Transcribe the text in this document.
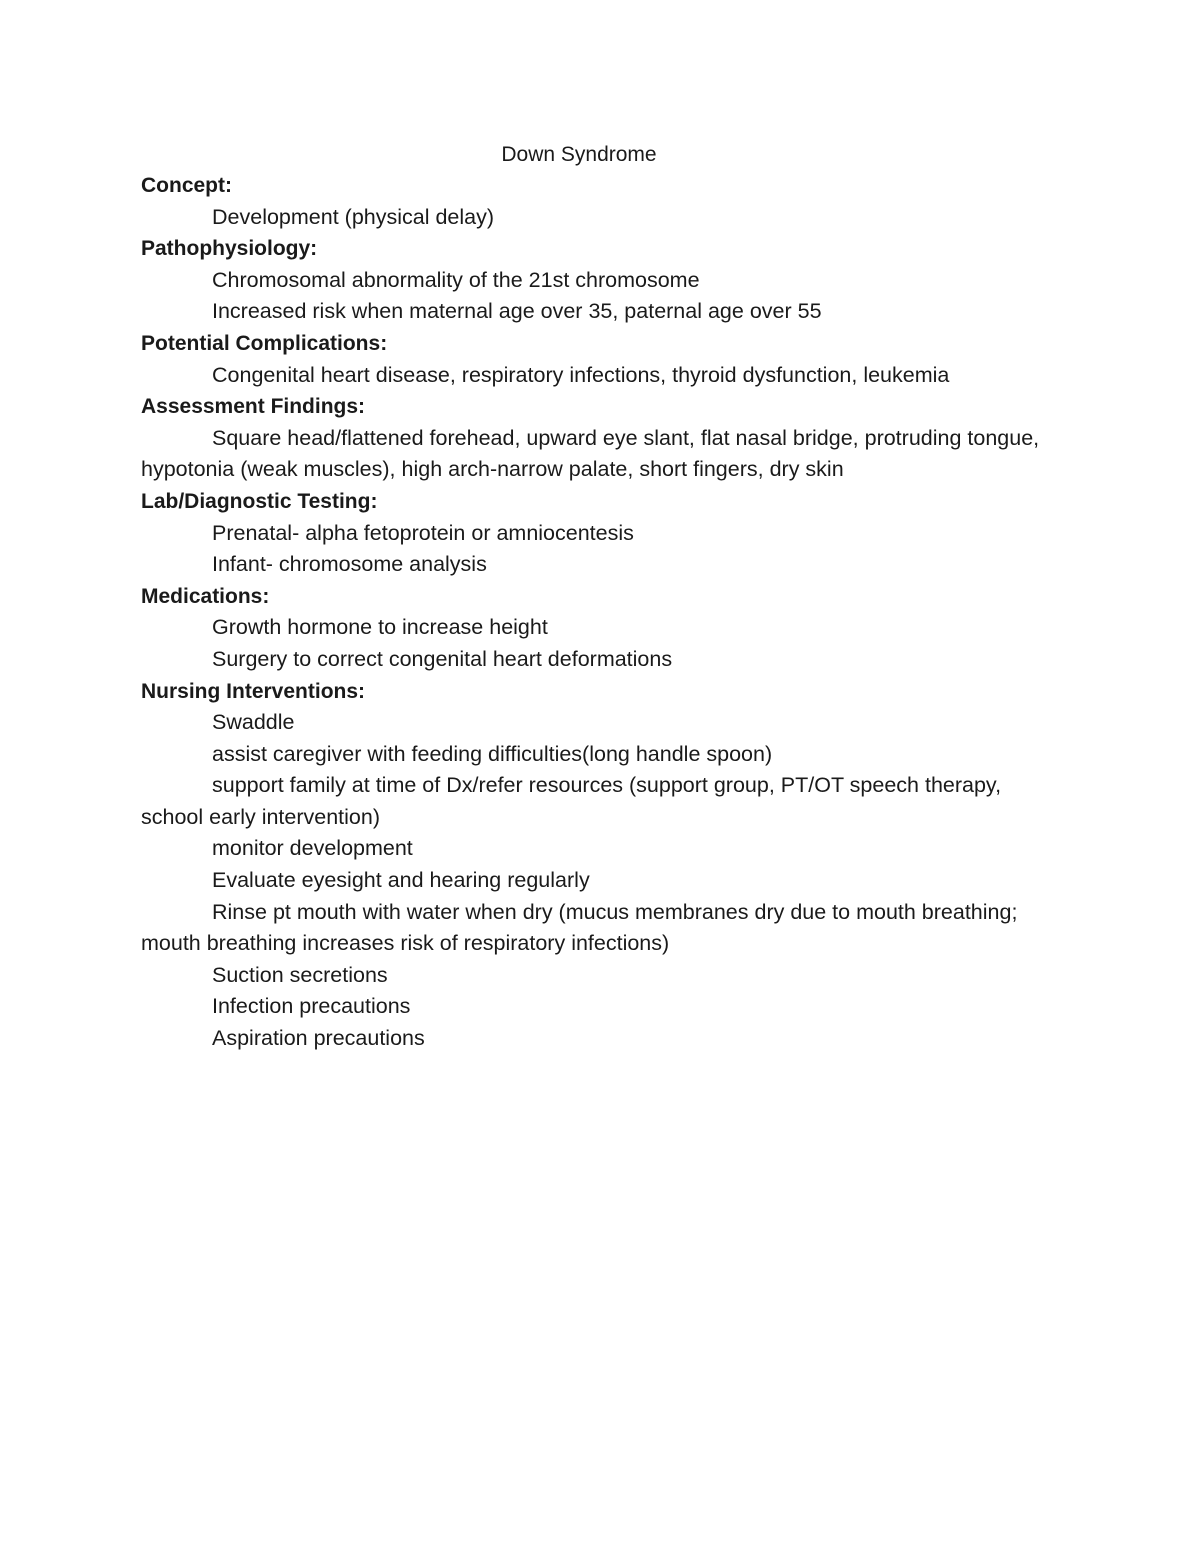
Down Syndrome

Concept:

Development (physical delay)

Pathophysiology:

Chromosomal abnormality of the 21st chromosome

Increased risk when maternal age over 35, paternal age over 55

Potential Complications:

Congenital heart disease, respiratory infections, thyroid dysfunction, leukemia

Assessment Findings:

Square head/flattened forehead, upward eye slant, flat nasal bridge, protruding tongue, hypotonia (weak muscles), high arch-narrow palate, short fingers, dry skin

Lab/Diagnostic Testing:

Prenatal- alpha fetoprotein or amniocentesis

Infant- chromosome analysis

Medications:

Growth hormone to increase height

Surgery to correct congenital heart deformations

Nursing Interventions:

Swaddle

assist caregiver with feeding difficulties(long handle spoon)

support family at time of Dx/refer resources (support group, PT/OT speech therapy, school early intervention)

monitor development

Evaluate eyesight and hearing regularly

Rinse pt mouth with water when dry (mucus membranes dry due to mouth breathing; mouth breathing increases risk of respiratory infections)

Suction secretions

Infection precautions

Aspiration precautions
